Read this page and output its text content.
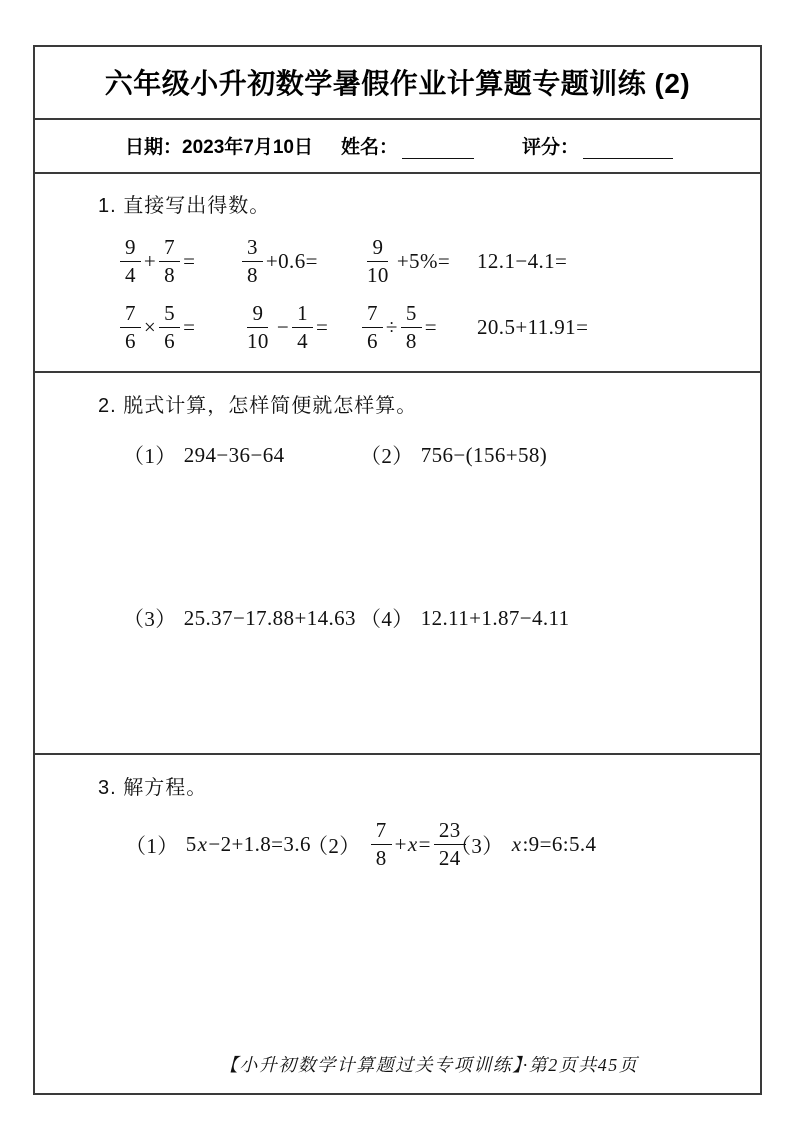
六年级小升初数学暑假作业计算题专题训练 (2)
日期：2023年7月10日 姓名：	评分：
1. 直接写出得数。
$\frac{9}{4} + \frac{7}{8}$ =	$\frac{3}{8} +0.6=$	$\frac{9}{10} +5\%=$	12.1−4.1=
$\frac{7}{6} \times \frac{5}{6}$ =	$\frac{9}{10} - \frac{1}{4}$ =	$\frac{7}{6} \div \frac{5}{8}$ =	20.5+11.91=
2. 脱式计算，怎样简便就怎样算。
（1） 294−36−64	（2） 756−(156+58)
（3） 25.37−17.88+14.63 （4） 12.11+1.87−4.11
3. 解方程。
（1） 5 x −2+1.8=3.6
$(2) \frac{7}{8} + x = \frac{23}{24}$
（3） x :9=6:5.4
【小升初数学计算题过关专项训练】·第2页共45页
